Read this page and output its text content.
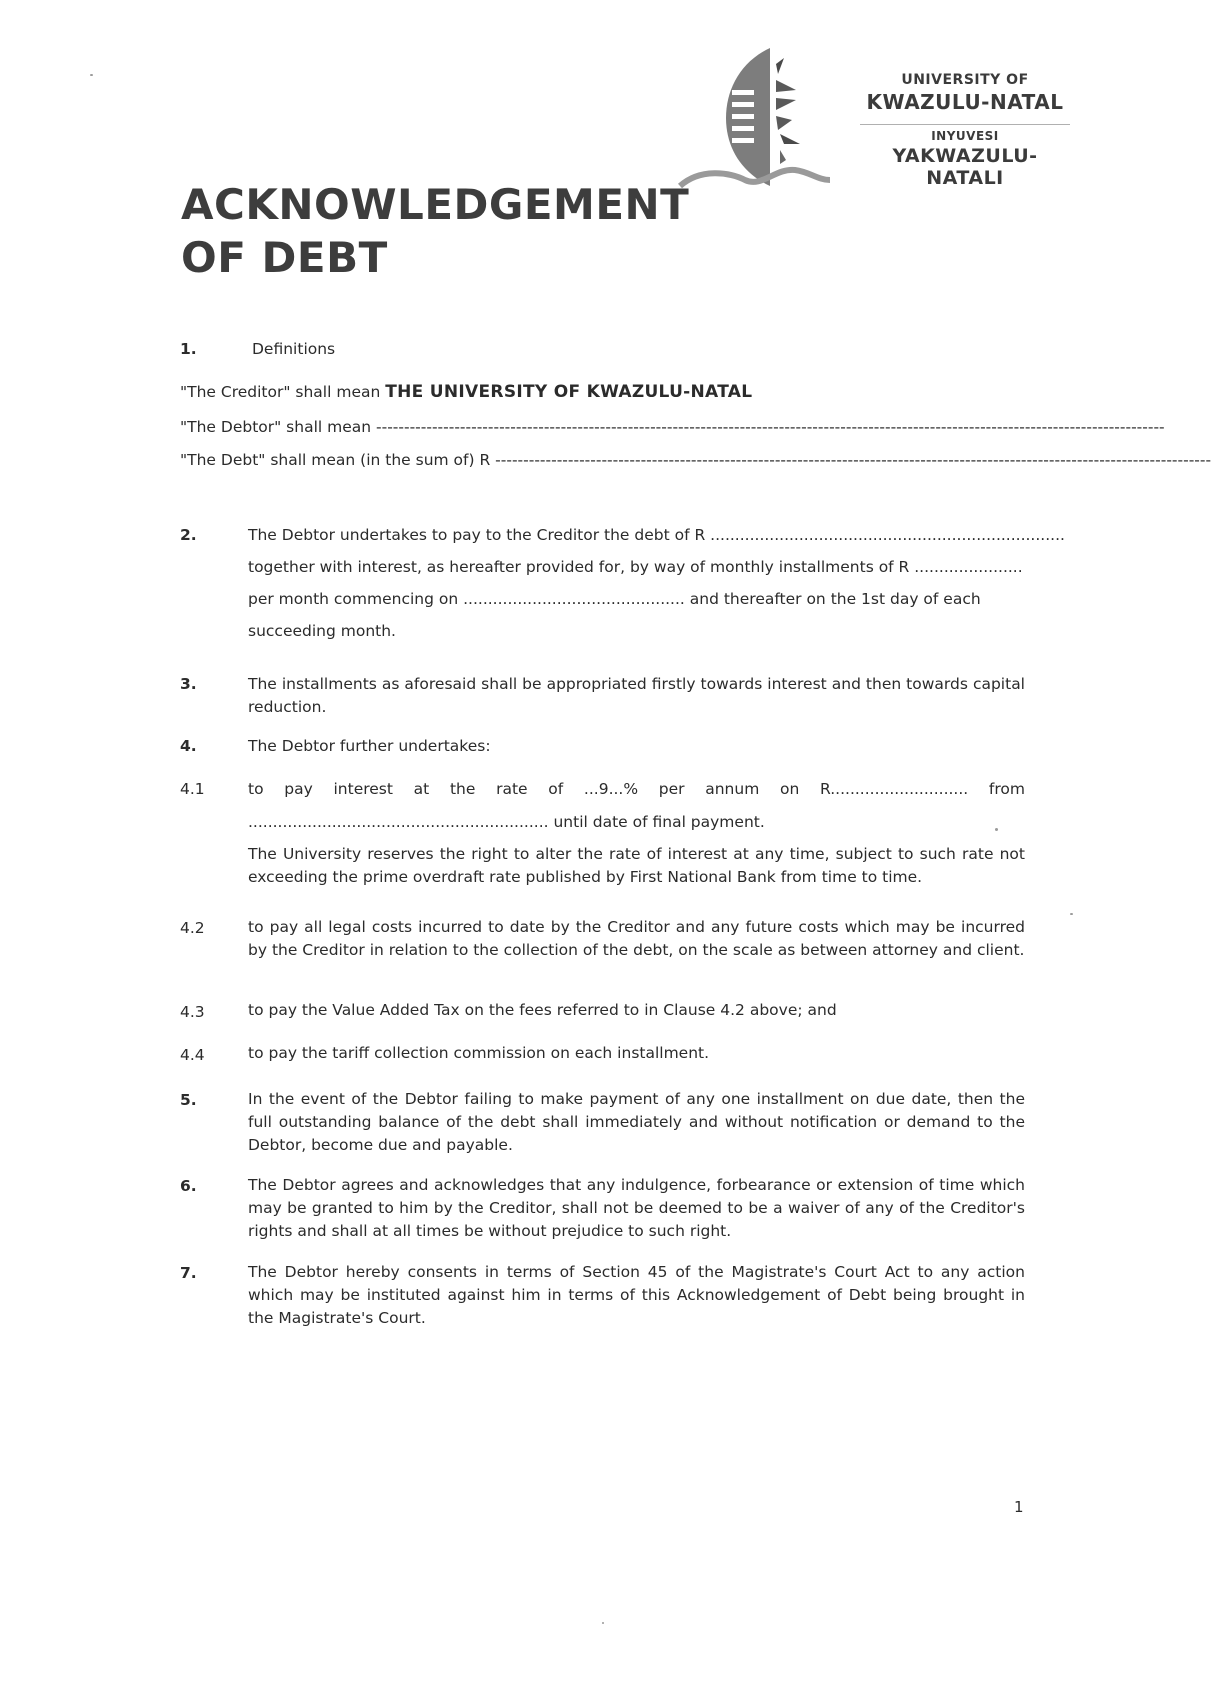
UNIVERSITY OF
KWAZULU-NATAL
INYUVESI
YAKWAZULU-NATALI
ACKNOWLEDGEMENT
OF DEBT
1.	Definitions
"The Creditor" shall mean THE UNIVERSITY OF KWAZULU-NATAL
"The Debtor" shall mean ---------------------------------------------------------------------------------------------------------------------------------------------
"The Debt" shall mean (in the sum of) R --------------------------------------------------------------------------------------------------------------------------------
2.	The Debtor undertakes to pay to the Creditor the debt of R ........................................................................
together with interest, as hereafter provided for, by way of monthly installments of R ......................
per month commencing on ............................................. and thereafter on the 1st day of each
succeeding month.
3.	The installments as aforesaid shall be appropriated firstly towards interest and then towards capital reduction.
4.	The Debtor further undertakes:
4.1	to pay interest at the rate of ...9...% per annum on R............................ from
............................................................. until date of final payment.
The University reserves the right to alter the rate of interest at any time, subject to such rate not exceeding the prime overdraft rate published by First National Bank from time to time.
4.2	to pay all legal costs incurred to date by the Creditor and any future costs which may be incurred by the Creditor in relation to the collection of the debt, on the scale as between attorney and client.
4.3	to pay the Value Added Tax on the fees referred to in Clause 4.2 above; and
4.4	to pay the tariff collection commission on each installment.
5.	In the event of the Debtor failing to make payment of any one installment on due date, then the full outstanding balance of the debt shall immediately and without notification or demand to the Debtor, become due and payable.
6.	The Debtor agrees and acknowledges that any indulgence, forbearance or extension of time which may be granted to him by the Creditor, shall not be deemed to be a waiver of any of the Creditor's rights and shall at all times be without prejudice to such right.
7.	The Debtor hereby consents in terms of Section 45 of the Magistrate's Court Act to any action which may be instituted against him in terms of this Acknowledgement of Debt being brought in the Magistrate's Court.
1
